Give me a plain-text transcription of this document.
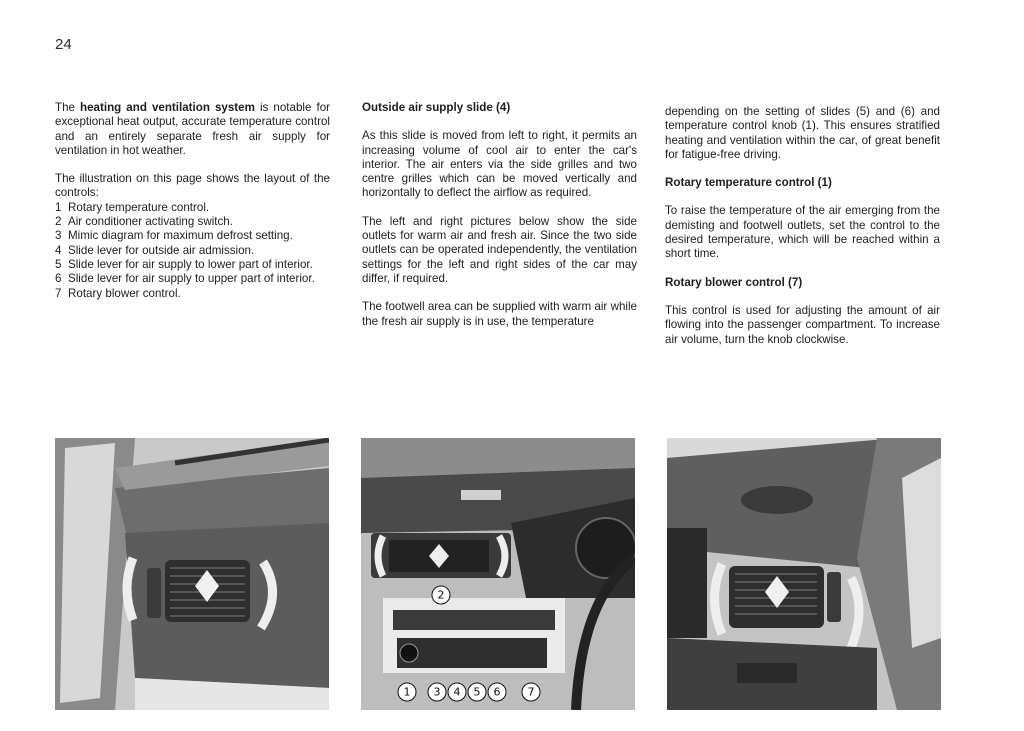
24

The heating and ventilation system is notable for exceptional heat output, accurate temperature control and an entirely separate fresh air supply for ventilation in hot weather.

The illustration on this page shows the layout of the controls:
1 Rotary temperature control.
2 Air conditioner activating switch.
3 Mimic diagram for maximum defrost setting.
4 Slide lever for outside air admission.
5 Slide lever for air supply to lower part of interior.
6 Slide lever for air supply to upper part of interior.
7 Rotary blower control.
Outside air supply slide (4)

As this slide is moved from left to right, it permits an increasing volume of cool air to enter the car's interior. The air enters via the side grilles and two centre grilles which can be moved vertically and horizontally to deflect the airflow as required.

The left and right pictures below show the side outlets for warm air and fresh air. Since the two side outlets can be operated independently, the ventilation settings for the left and right sides of the car may differ, if required.

The footwell area can be supplied with warm air while the fresh air supply is in use, the temperature

depending on the setting of slides (5) and (6) and temperature control knob (1). This ensures stratified heating and ventilation within the car, of great benefit for fatigue-free driving.

Rotary temperature control (1)

To raise the temperature of the air emerging from the demisting and footwell outlets, set the control to the desired temperature, which will be reached within a short time.

Rotary blower control (7)

This control is used for adjusting the amount of air flowing into the passenger compartment. To increase air volume, turn the knob clockwise.

2
1 3 4 5 6 7
